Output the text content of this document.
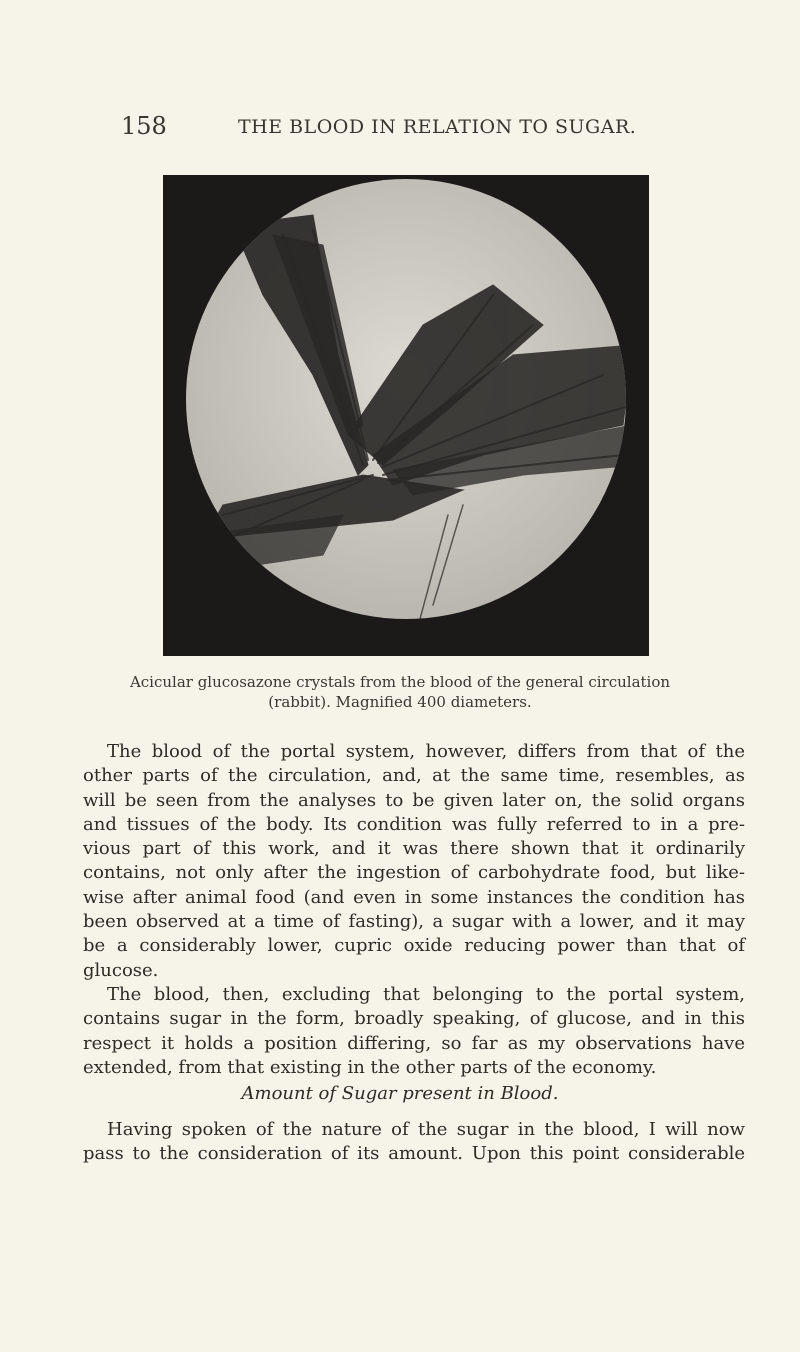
158	THE BLOOD IN RELATION TO SUGAR.
Acicular glucosazone crystals from the blood of the general circulation
(rabbit). Magnified 400 diameters.
The blood of the portal system, however, differs from that of the
other parts of the circulation, and, at the same time, resembles, as
will be seen from the analyses to be given later on, the solid organs
and tissues of the body. Its condition was fully referred to in a pre-
vious part of this work, and it was there shown that it ordinarily
contains, not only after the ingestion of carbohydrate food, but like-
wise after animal food (and even in some instances the condition has
been observed at a time of fasting), a sugar with a lower, and it may
be a considerably lower, cupric oxide reducing power than that of
glucose.
The blood, then, excluding that belonging to the portal system,
contains sugar in the form, broadly speaking, of glucose, and in this
respect it holds a position differing, so far as my observations have
extended, from that existing in the other parts of the economy.
Amount of Sugar present in Blood.
Having spoken of the nature of the sugar in the blood, I will now
pass to the consideration of its amount. Upon this point considerable
